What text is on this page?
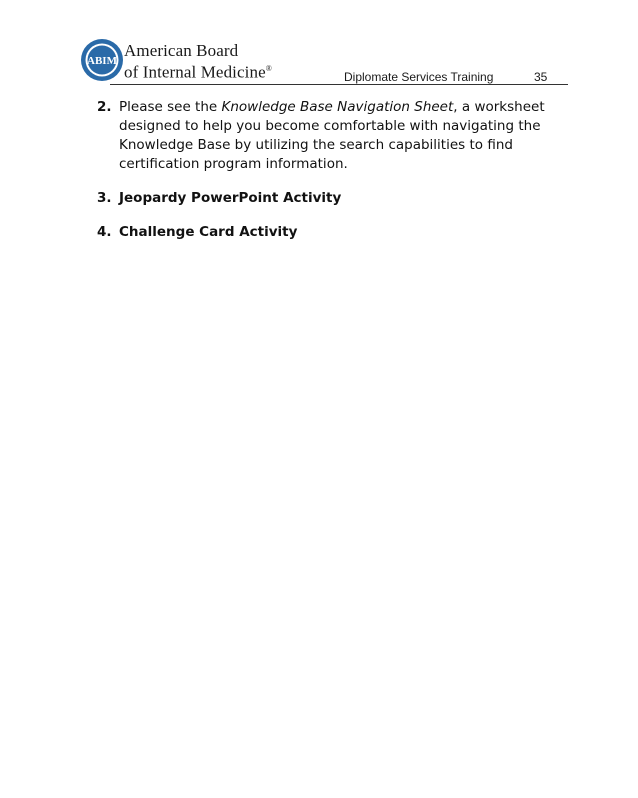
ABIM
American Board
of Internal Medicine®
Diplomate Services Training	35
2. Please see the Knowledge Base Navigation Sheet, a worksheet designed to help you become comfortable with navigating the Knowledge Base by utilizing the search capabilities to find certification program information.
3. Jeopardy PowerPoint Activity
4. Challenge Card Activity
